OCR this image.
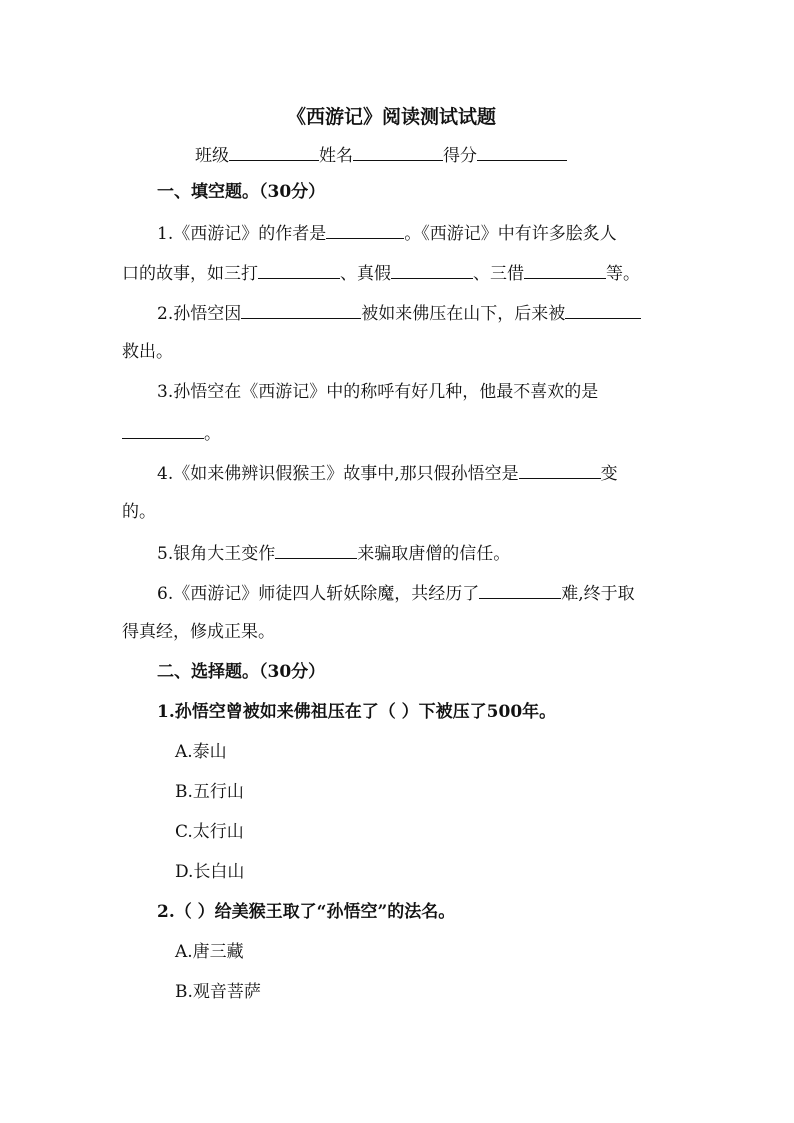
《西游记》阅读测试试题
班级	姓名	得分
一、填空题。（30分）
1.《西游记》的作者是	。《西游记》中有许多脍炙人
口的故事，如三打	、真假	、三借	等。
2.孙悟空因	被如来佛压在山下，后来被
救出。
3.孙悟空在《西游记》中的称呼有好几种，他最不喜欢的是
。
4.《如来佛辨识假猴王》故事中,那只假孙悟空是	变
的。
5.银角大王变作	来骗取唐僧的信任。
6.《西游记》师徒四人斩妖除魔，共经历了	难,终于取
得真经，修成正果。
二、选择题。（30分）
1.孙悟空曾被如来佛祖压在了（ ）下被压了500年。
A.泰山
B.五行山
C.太行山
D.长白山
2.（ ）给美猴王取了“孙悟空”的法名。
A.唐三藏
B.观音菩萨
